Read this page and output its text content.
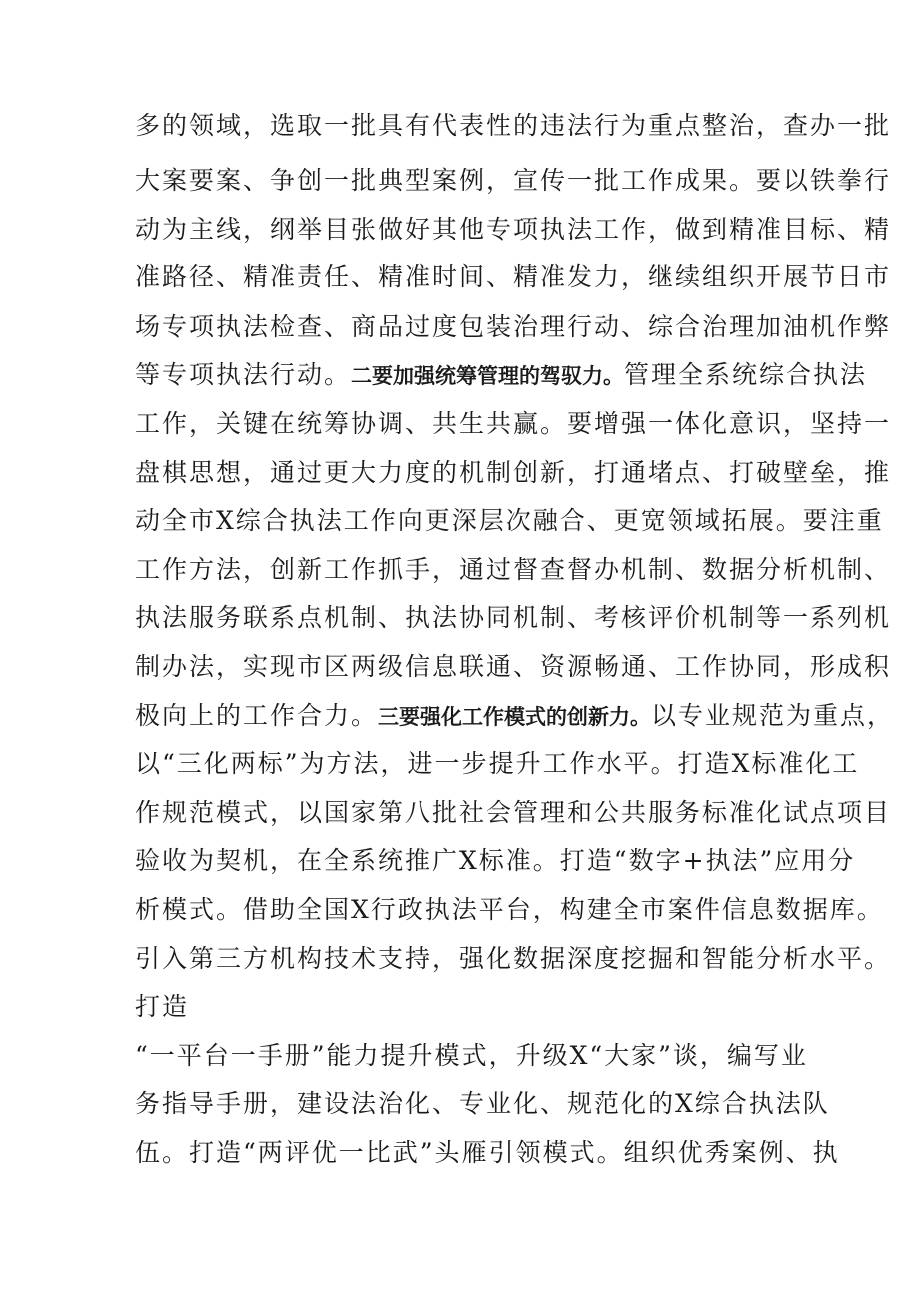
多的领域，选取一批具有代表性的违法行为重点整治，查办一批
大案要案、争创一批典型案例，宣传一批工作成果。要以铁拳行
动为主线，纲举目张做好其他专项执法工作，做到精准目标、精
准路径、精准责任、精准时间、精准发力，继续组织开展节日市
场专项执法检查、商品过度包装治理行动、综合治理加油机作弊
等专项执法行动。二要加强统筹管理的驾驭力。管理全系统综合执法
工作，关键在统筹协调、共生共赢。要增强一体化意识，坚持一
盘棋思想，通过更大力度的机制创新，打通堵点、打破壁垒，推
动全市X综合执法工作向更深层次融合、更宽领域拓展。要注重
工作方法，创新工作抓手，通过督查督办机制、数据分析机制、
执法服务联系点机制、执法协同机制、考核评价机制等一系列机
制办法，实现市区两级信息联通、资源畅通、工作协同，形成积
极向上的工作合力。三要强化工作模式的创新力。以专业规范为重点，
以“三化两标”为方法，进一步提升工作水平。打造X标准化工
作规范模式，以国家第八批社会管理和公共服务标准化试点项目
验收为契机，在全系统推广X标准。打造“数字+执法”应用分
析模式。借助全国X行政执法平台，构建全市案件信息数据库。
引入第三方机构技术支持，强化数据深度挖掘和智能分析水平。
打造
“一平台一手册”能力提升模式，升级X“大家”谈，编写业
务指导手册，建设法治化、专业化、规范化的X综合执法队
伍。打造“两评优一比武”头雁引领模式。组织优秀案例、执
